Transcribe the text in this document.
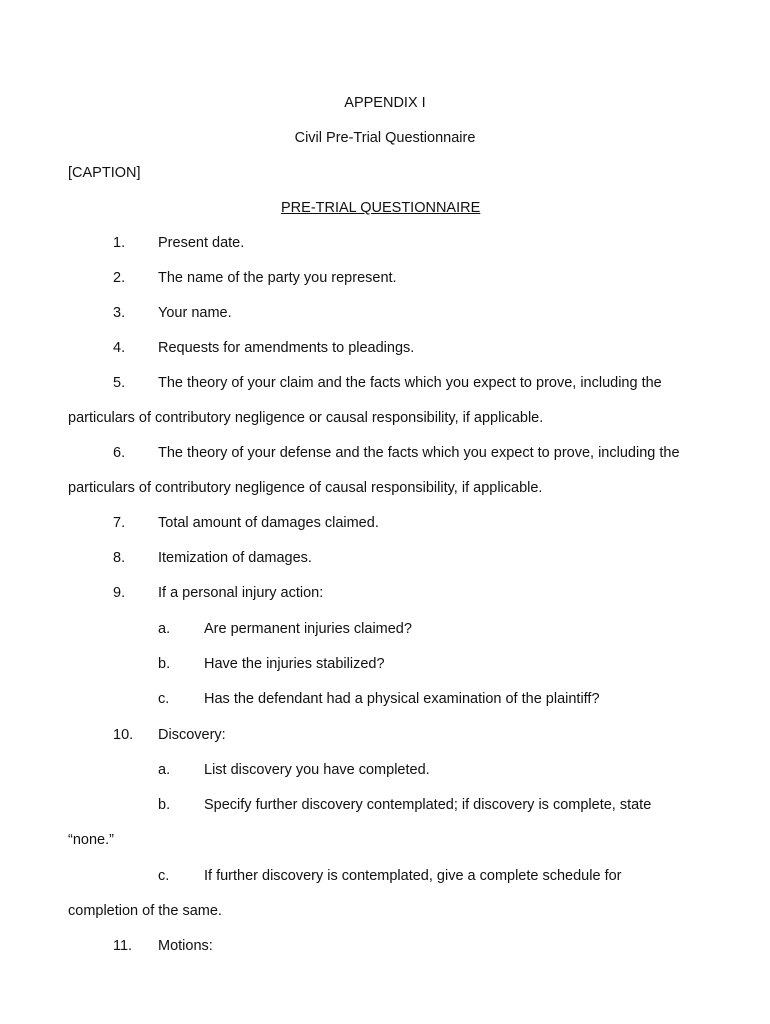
APPENDIX I
Civil Pre-Trial Questionnaire
[CAPTION]
PRE-TRIAL QUESTIONNAIRE
1. Present date.
2. The name of the party you represent.
3. Your name.
4. Requests for amendments to pleadings.
5. The theory of your claim and the facts which you expect to prove, including the
particulars of contributory negligence or causal responsibility, if applicable.
6. The theory of your defense and the facts which you expect to prove, including the
particulars of contributory negligence of causal responsibility, if applicable.
7. Total amount of damages claimed.
8. Itemization of damages.
9. If a personal injury action:
a. Are permanent injuries claimed?
b. Have the injuries stabilized?
c. Has the defendant had a physical examination of the plaintiff?
10. Discovery:
a. List discovery you have completed.
b. Specify further discovery contemplated; if discovery is complete, state
“none.”
c. If further discovery is contemplated, give a complete schedule for
completion of the same.
11. Motions:
